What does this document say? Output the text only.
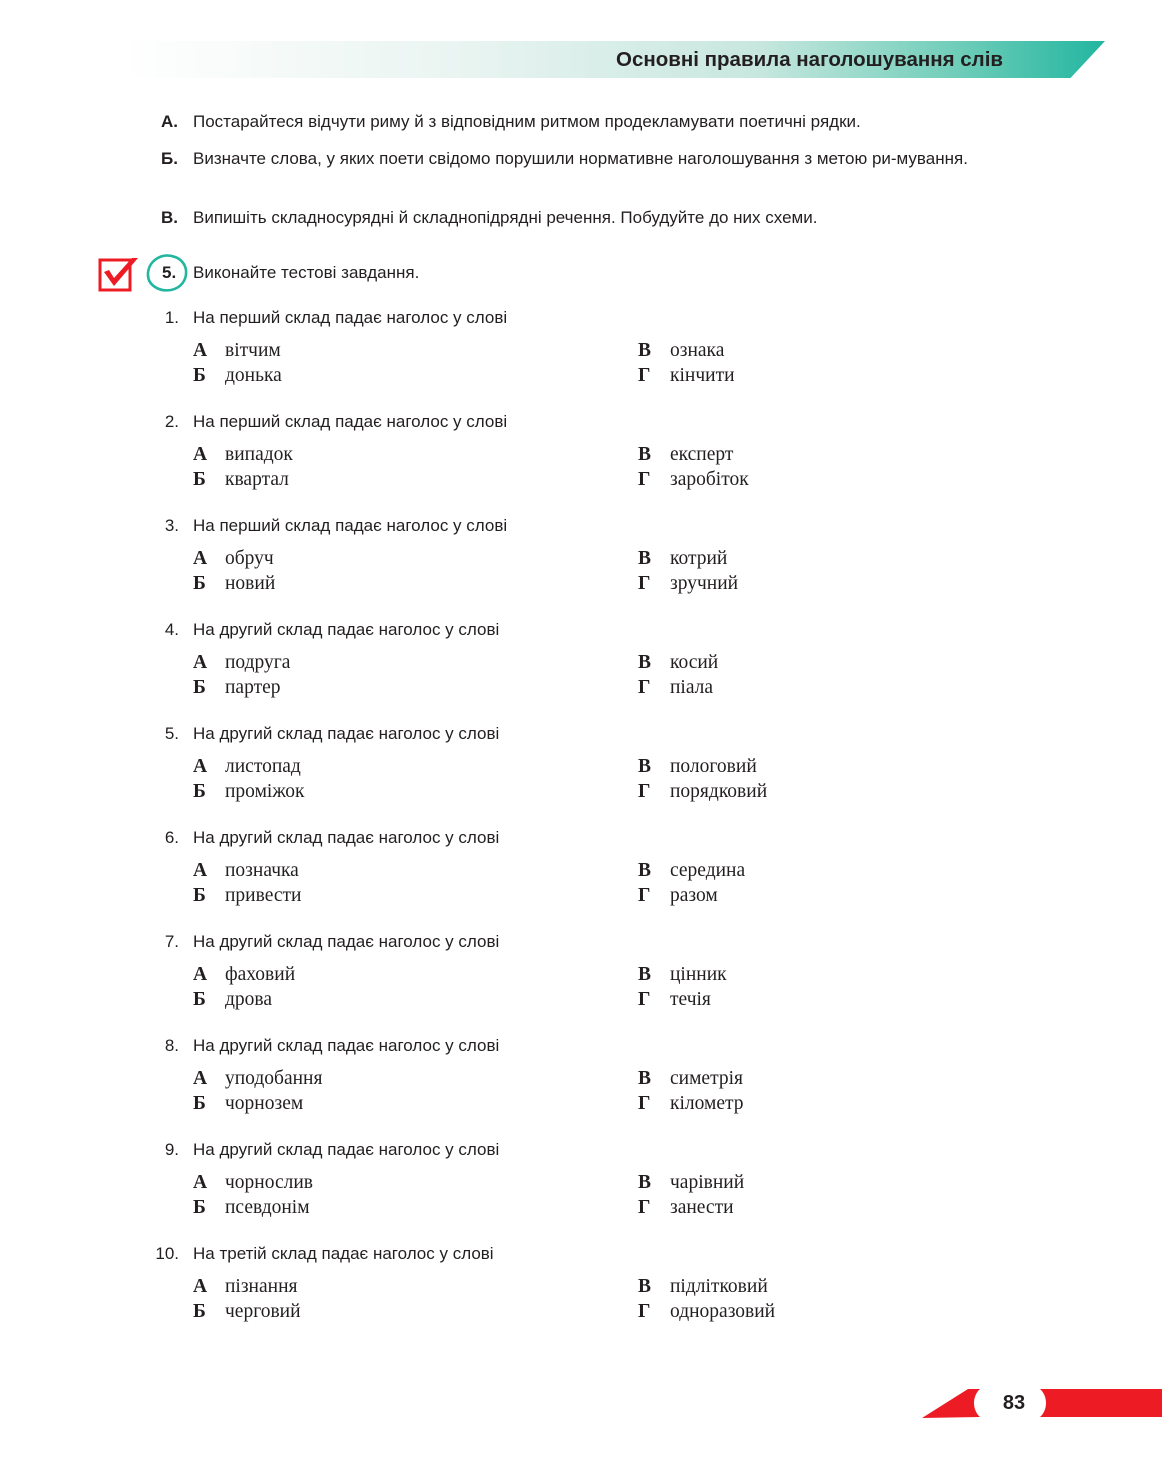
Основні правила наголошування слів
А. Постарайтеся відчути риму й з відповідним ритмом продекламувати поетичні рядки.
Б. Визначте слова, у яких поети свідомо порушили нормативне наголошування з метою ри-мування.
В. Випишіть складносурядні й складнопідрядні речення. Побудуйте до них схеми.
5. Виконайте тестові завдання.
1. На перший склад падає наголос у слові
А вітчим
Б донька
В ознака
Г кінчити
2. На перший склад падає наголос у слові
А випадок
Б квартал
В експерт
Г заробіток
3. На перший склад падає наголос у слові
А обруч
Б новий
В котрий
Г зручний
4. На другий склад падає наголос у слові
А подруга
Б партер
В косий
Г піала
5. На другий склад падає наголос у слові
А листопад
Б проміжок
В пологовий
Г порядковий
6. На другий склад падає наголос у слові
А позначка
Б привести
В середина
Г разом
7. На другий склад падає наголос у слові
А фаховий
Б дрова
В цінник
Г течія
8. На другий склад падає наголос у слові
А уподобання
Б чорнозем
В симетрія
Г кілометр
9. На другий склад падає наголос у слові
А чорнослив
Б псевдонім
В чарівний
Г занести
10. На третій склад падає наголос у слові
А пізнання
Б черговий
В підлітковий
Г одноразовий
83
